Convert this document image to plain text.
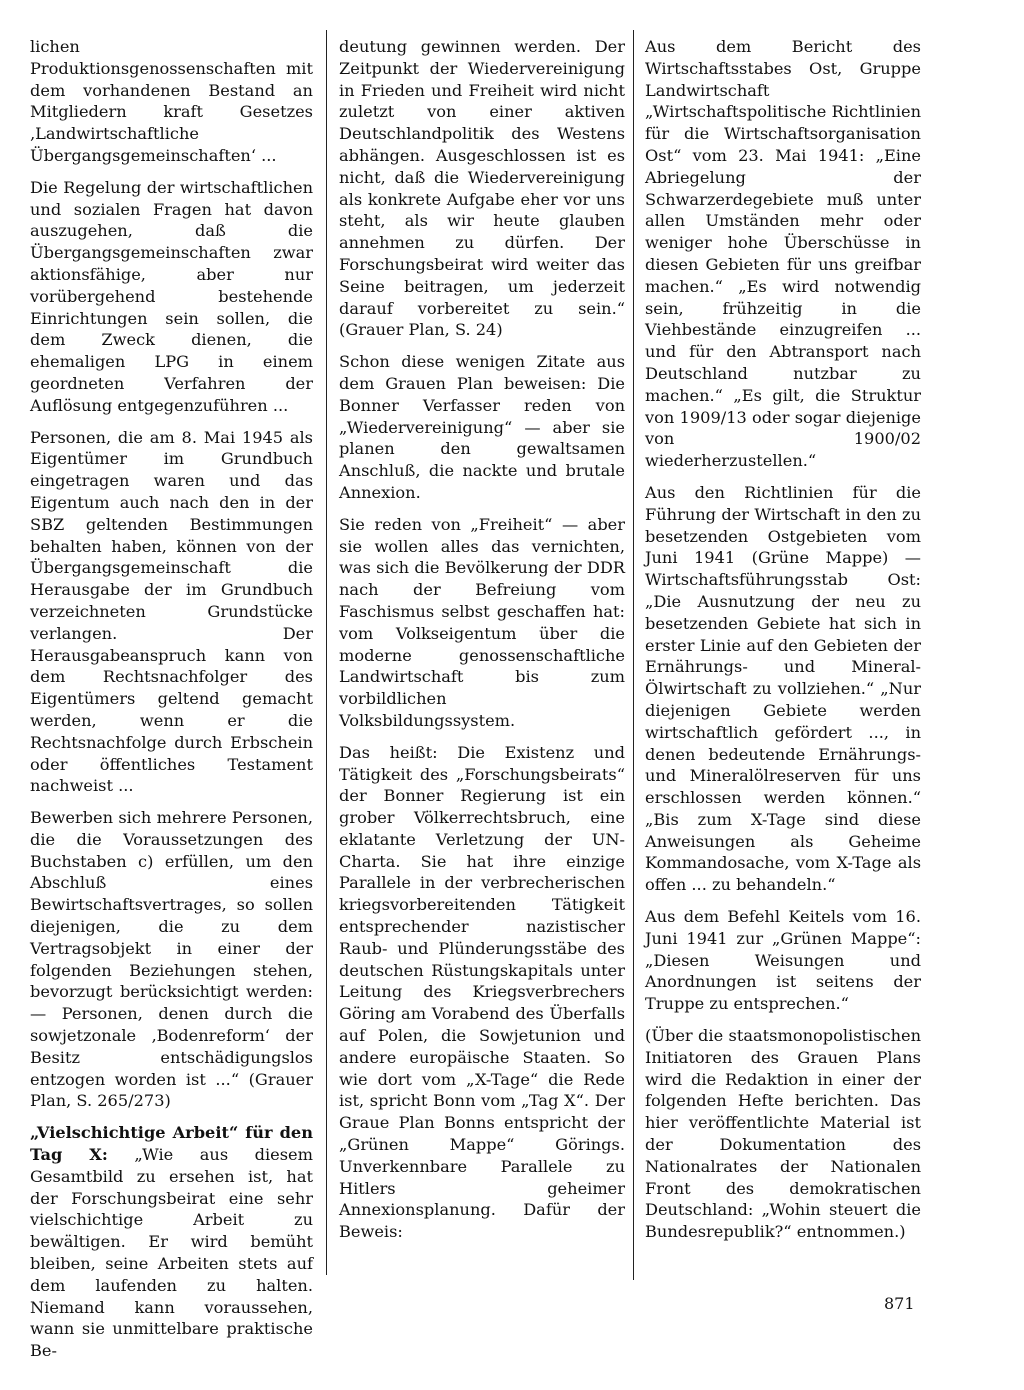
lichen Produktionsgenossenschaften mit dem vorhandenen Bestand an Mitgliedern kraft Gesetzes ‚Landwirtschaftliche Übergangsgemeinschaften‘ ...

Die Regelung der wirtschaftlichen und sozialen Fragen hat davon auszugehen, daß die Übergangsgemeinschaften zwar aktionsfähige, aber nur vorübergehend bestehende Einrichtungen sein sollen, die dem Zweck dienen, die ehemaligen LPG in einem geordneten Verfahren der Auflösung entgegenzuführen ...

Personen, die am 8. Mai 1945 als Eigentümer im Grundbuch eingetragen waren und das Eigentum auch nach den in der SBZ geltenden Bestimmungen behalten haben, können von der Übergangsgemeinschaft die Herausgabe der im Grundbuch verzeichneten Grundstücke verlangen. Der Herausgabeanspruch kann von dem Rechtsnachfolger des Eigentümers geltend gemacht werden, wenn er die Rechtsnachfolge durch Erbschein oder öffentliches Testament nachweist ...

Bewerben sich mehrere Personen, die die Voraussetzungen des Buchstaben c) erfüllen, um den Abschluß eines Bewirtschaftsvertrages, so sollen diejenigen, die zu dem Vertragsobjekt in einer der folgenden Beziehungen stehen, bevorzugt berücksichtigt werden: — Personen, denen durch die sowjetzonale ‚Bodenreform‘ der Besitz entschädigungslos entzogen worden ist ...“ (Grauer Plan, S. 265/273)

„Vielschichtige Arbeit“ für den Tag X: „Wie aus diesem Gesamtbild zu ersehen ist, hat der Forschungsbeirat eine sehr vielschichtige Arbeit zu bewältigen. Er wird bemüht bleiben, seine Arbeiten stets auf dem laufenden zu halten. Niemand kann voraussehen, wann sie unmittelbare praktische Be-

deutung gewinnen werden. Der Zeitpunkt der Wiedervereinigung in Frieden und Freiheit wird nicht zuletzt von einer aktiven Deutschlandpolitik des Westens abhängen. Ausgeschlossen ist es nicht, daß die Wiedervereinigung als konkrete Aufgabe eher vor uns steht, als wir heute glauben annehmen zu dürfen. Der Forschungsbeirat wird weiter das Seine beitragen, um jederzeit darauf vorbereitet zu sein.“ (Grauer Plan, S. 24)

Schon diese wenigen Zitate aus dem Grauen Plan beweisen: Die Bonner Verfasser reden von „Wiedervereinigung“ — aber sie planen den gewaltsamen Anschluß, die nackte und brutale Annexion.

Sie reden von „Freiheit“ — aber sie wollen alles das vernichten, was sich die Bevölkerung der DDR nach der Befreiung vom Faschismus selbst geschaffen hat: vom Volkseigentum über die moderne genossenschaftliche Landwirtschaft bis zum vorbildlichen Volksbildungssystem.

Das heißt: Die Existenz und Tätigkeit des „Forschungsbeirats“ der Bonner Regierung ist ein grober Völkerrechtsbruch, eine eklatante Verletzung der UN-Charta. Sie hat ihre einzige Parallele in der verbrecherischen kriegsvorbereitenden Tätigkeit entsprechender nazistischer Raub- und Plünderungsstäbe des deutschen Rüstungskapitals unter Leitung des Kriegsverbrechers Göring am Vorabend des Überfalls auf Polen, die Sowjetunion und andere europäische Staaten. So wie dort vom „X-Tage“ die Rede ist, spricht Bonn vom „Tag X“. Der Graue Plan Bonns entspricht der „Grünen Mappe“ Görings. Unverkennbare Parallele zu Hitlers geheimer Annexionsplanung. Dafür der Beweis:

Aus dem Bericht des Wirtschaftsstabes Ost, Gruppe Landwirtschaft „Wirtschaftspolitische Richtlinien für die Wirtschaftsorganisation Ost“ vom 23. Mai 1941: „Eine Abriegelung der Schwarzerdegebiete muß unter allen Umständen mehr oder weniger hohe Überschüsse in diesen Gebieten für uns greifbar machen.“ „Es wird notwendig sein, frühzeitig in die Viehbestände einzugreifen ... und für den Abtransport nach Deutschland nutzbar zu machen.“ „Es gilt, die Struktur von 1909/13 oder sogar diejenige von 1900/02 wiederherzustellen.“

Aus den Richtlinien für die Führung der Wirtschaft in den zu besetzenden Ostgebieten vom Juni 1941 (Grüne Mappe) — Wirtschaftsführungsstab Ost: „Die Ausnutzung der neu zu besetzenden Gebiete hat sich in erster Linie auf den Gebieten der Ernährungs- und Mineral-Ölwirtschaft zu vollziehen.“ „Nur diejenigen Gebiete werden wirtschaftlich gefördert ..., in denen bedeutende Ernährungs- und Mineralölreserven für uns erschlossen werden können.“ „Bis zum X-Tage sind diese Anweisungen als Geheime Kommandosache, vom X-Tage als offen ... zu behandeln.“

Aus dem Befehl Keitels vom 16. Juni 1941 zur „Grünen Mappe“: „Diesen Weisungen und Anordnungen ist seitens der Truppe zu entsprechen.“

(Über die staatsmonopolistischen Initiatoren des Grauen Plans wird die Redaktion in einer der folgenden Hefte berichten. Das hier veröffentlichte Material ist der Dokumentation des Nationalrates der Nationalen Front des demokratischen Deutschland: „Wohin steuert die Bundesrepublik?“ entnommen.)

871
